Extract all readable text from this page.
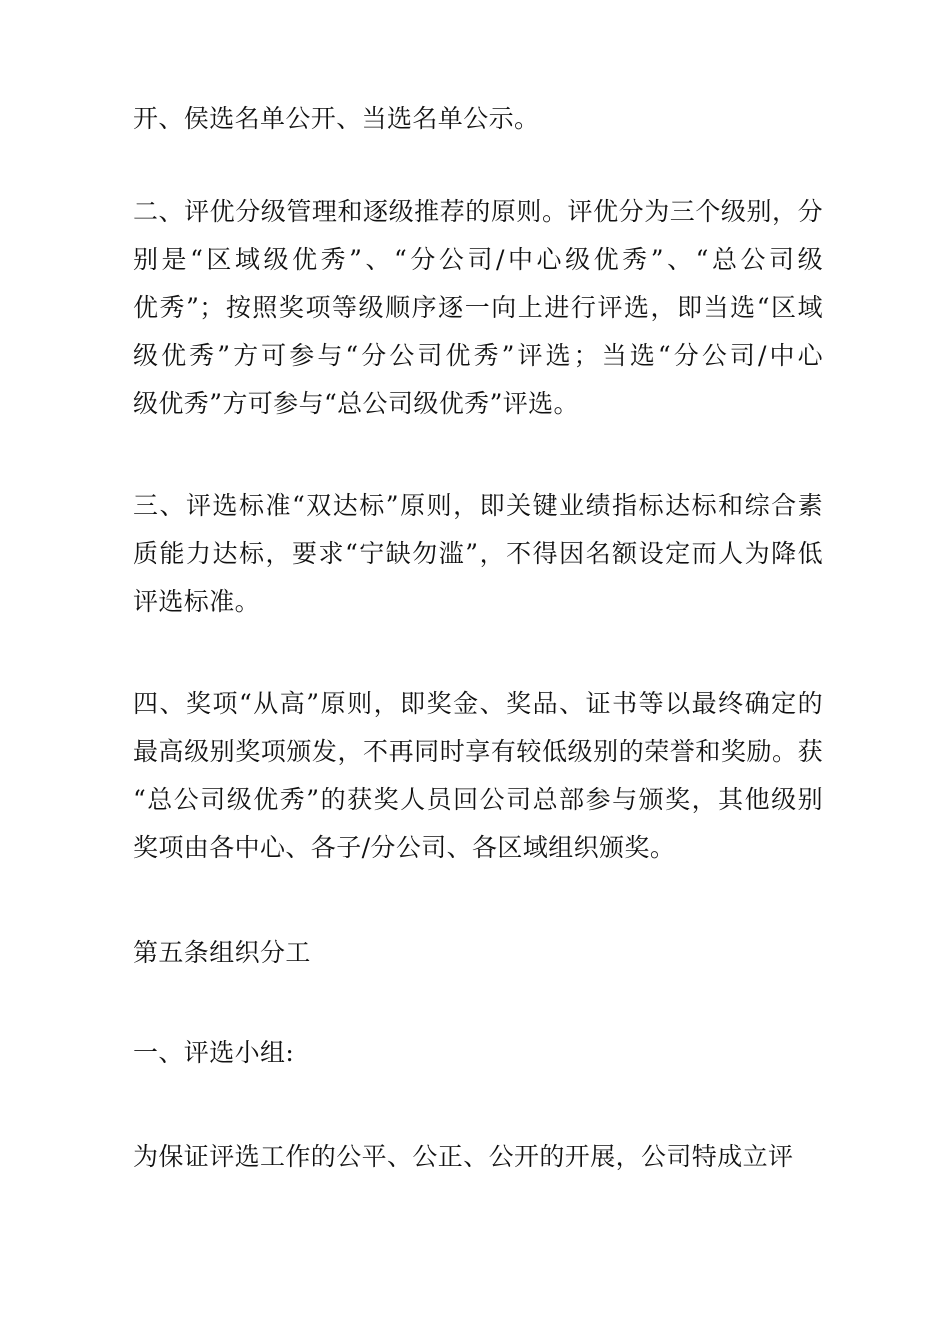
开、侯选名单公开、当选名单公示。

二、评优分级管理和逐级推荐的原则。评优分为三个级别，分
别是“区域级优秀”、“分公司/中心级优秀”、“总公司级
优秀”；按照奖项等级顺序逐一向上进行评选，即当选“区域
级优秀”方可参与“分公司优秀”评选；当选“分公司/中心
级优秀”方可参与“总公司级优秀”评选。

三、评选标准“双达标”原则，即关键业绩指标达标和综合素
质能力达标，要求“宁缺勿滥”，不得因名额设定而人为降低
评选标准。

四、奖项“从高”原则，即奖金、奖品、证书等以最终确定的
最高级别奖项颁发，不再同时享有较低级别的荣誉和奖励。获
“总公司级优秀”的获奖人员回公司总部参与颁奖，其他级别
奖项由各中心、各子/分公司、各区域组织颁奖。

第五条组织分工

一、评选小组:

为保证评选工作的公平、公正、公开的开展，公司特成立评
